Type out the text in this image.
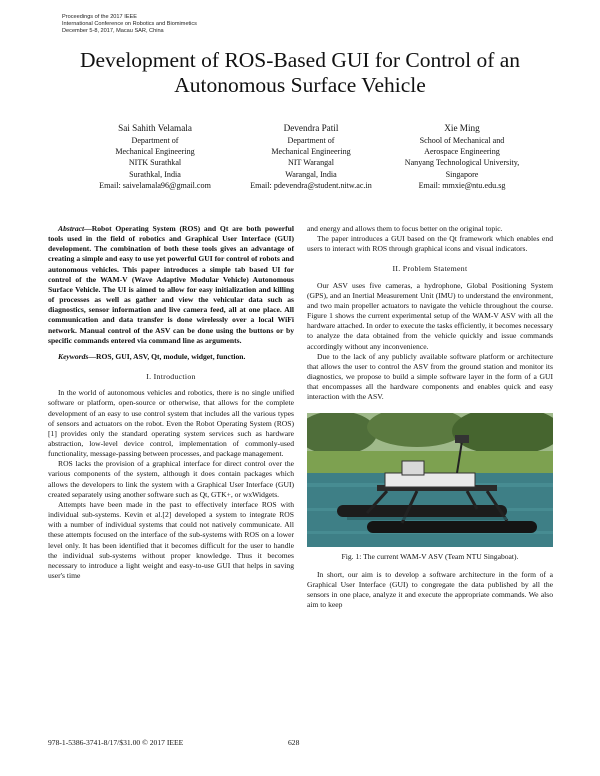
Proceedings of the 2017 IEEE
International Conference on Robotics and Biomimetics
December 5-8, 2017, Macau SAR, China
Development of ROS-Based GUI for Control of an
Autonomous Surface Vehicle
Sai Sahith Velamala
Department of
Mechanical Engineering
NITK Surathkal
Surathkal, India
Email: saivelamala96@gmail.com
Devendra Patil
Department of
Mechanical Engineering
NIT Warangal
Warangal, India
Email: pdevendra@student.nitw.ac.in
Xie Ming
School of Mechanical and
Aerospace Engineering
Nanyang Technological University,
Singapore
Email: mmxie@ntu.edu.sg

Abstract—Robot Operating System (ROS) and Qt are both powerful tools used in the field of robotics and Graphical User Interface (GUI) development. The combination of both these tools gives an advantage of creating a simple and easy to use yet powerful GUI for control of robots and autonomous vehicles. This paper introduces a simple tab based UI for control of the WAM-V (Wave Adaptive Modular Vehicle) Autonomous Surface Vehicle. The UI is aimed to allow for easy initialization and killing of processes as well as gather and view the vehicular data such as diagnostics, sensor information and live camera feed, all at one place. All communication and data transfer is done wirelessly over a local WiFi network. Manual control of the ASV can be done using the buttons or by specific commands entered via command line as arguments.

Keywords—ROS, GUI, ASV, Qt, module, widget, function.

I. Introduction

In the world of autonomous vehicles and robotics, there is no single unified software or platform, open-source or otherwise, that allows for the complete development of an easy to use control system that includes all the various types of sensors and actuators on the robot. Even the Robot Operating System (ROS) [1] provides only the standard operating system services such as hardware abstraction, low-level device control, implementation of commonly-used functionality, message-passing between processes, and package management.

ROS lacks the provision of a graphical interface for direct control over the various components of the system, although it does contain packages which allows the developers to link the system with a Graphical User Interface (GUI) created separately using another software such as Qt, GTK+, or wxWidgets.

Attempts have been made in the past to effectively interface ROS with individual sub-systems. Kevin et al.[2] developed a system to integrate ROS with a number of individual systems that could not natively communicate. All these attempts focused on the interface of the sub-systems with ROS on a lower level only. It has been identified that it becomes difficult for the user to handle the individual sub-systems without proper knowledge. Thus it becomes necessary to introduce a light weight and easy-to-use GUI that helps in saving user's time

and energy and allows them to focus better on the original topic.

The paper introduces a GUI based on the Qt framework which enables end users to interact with ROS through graphical icons and visual indicators.

II. Problem Statement

Our ASV uses five cameras, a hydrophone, Global Positioning System (GPS), and an Inertial Measurement Unit (IMU) to understand the environment, and two main propeller actuators to navigate the vehicle throughout the course. Figure 1 shows the current experimental setup of the WAM-V ASV with all the hardware attached. In order to execute the tasks efficiently, it becomes necessary to analyze the data obtained from the vehicle quickly and issue commands accordingly without any inconvenience.

Due to the lack of any publicly available software platform or architecture that allows the user to control the ASV from the ground station and monitor its diagnostics, we propose to build a simple software layer in the form of a GUI that encompasses all the hardware components and enables quick and easy interaction with the ASV.

Fig. 1: The current WAM-V ASV (Team NTU Singaboat).

In short, our aim is to develop a software architecture in the form of a Graphical User Interface (GUI) to congregate the data published by all the sensors in one place, analyze it and execute the appropriate commands. We also aim to keep

978-1-5386-3741-8/17/$31.00 © 2017 IEEE	628
